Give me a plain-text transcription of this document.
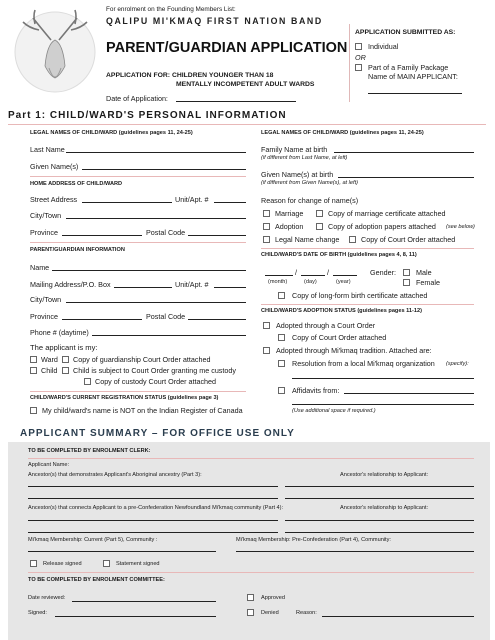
For enrolment on the Founding Members List:
QALIPU MI'KMAQ FIRST NATION BAND
PARENT/GUARDIAN APPLICATION
APPLICATION FOR: CHILDREN YOUNGER THAN 18
MENTALLY INCOMPETENT ADULT WARDS
Date of Application:
APPLICATION SUBMITTED AS:
Individual
OR
Part of a Family Package
Name of MAIN APPLICANT:
Part 1: CHILD/WARD'S PERSONAL INFORMATION
LEGAL NAMES OF CHILD/WARD (guidelines pages 11, 24-25)
Last Name
Given Name(s)
HOME ADDRESS OF CHILD/WARD
Street Address	Unit/Apt. #
City/Town
Province	Postal Code
PARENT/GUARDIAN INFORMATION
Name
Mailing Address/P.O. Box	Unit/Apt. #
City/Town
Province	Postal Code
Phone # (daytime)
The applicant is my:
Ward Copy of guardianship Court Order attached
Child Child is subject to Court Order granting me custody
Copy of custody Court Order attached
CHILD/WARD'S CURRENT REGISTRATION STATUS (guidelines page 3)
My child/ward's name is NOT on the Indian Register of Canada
LEGAL NAMES OF CHILD/WARD (guidelines pages 11, 24-25)
Family Name at birth
(if different from Last Name, at left)
Given Name(s) at birth
(if different from Given Name(s), at left)
Reason for change of name(s)
Marriage	Copy of marriage certificate attached
Adoption	Copy of adoption papers attached (see below)
Legal Name change	Copy of Court Order attached
CHILD/WARD'S DATE OF BIRTH (guidelines pages 4, 8, 11)
/	/
(month)	(day)	(year)
Gender:	Male
Female
Copy of long-form birth certificate attached
CHILD/WARD'S ADOPTION STATUS (guidelines pages 11-12)
Adopted through a Court Order
Copy of Court Order attached
Adopted through Mi'kmaq tradition. Attached are:
Resolution from a local Mi'kmaq organization (specify):
Affidavits from:
(Use additional space if required.)
APPLICANT SUMMARY – FOR OFFICE USE ONLY
TO BE COMPLETED BY ENROLMENT CLERK:
Applicant Name:
Ancestor(s) that demonstrates Applicant's Aboriginal ancestry (Part 3):	Ancestor's relationship to Applicant:
Ancestor(s) that connects Applicant to a pre-Confederation Newfoundland Mi'kmaq community (Part 4):	Ancestor's relationship to Applicant:
Mi'kmaq Membership: Current (Part 5), Community :	Mi'kmaq Membership: Pre-Confederation (Part 4), Community:
Release signed	Statement signed
TO BE COMPLETED BY ENROLMENT COMMITTEE:
Date reviewed:	Approved
Signed:	Denied	Reason:
